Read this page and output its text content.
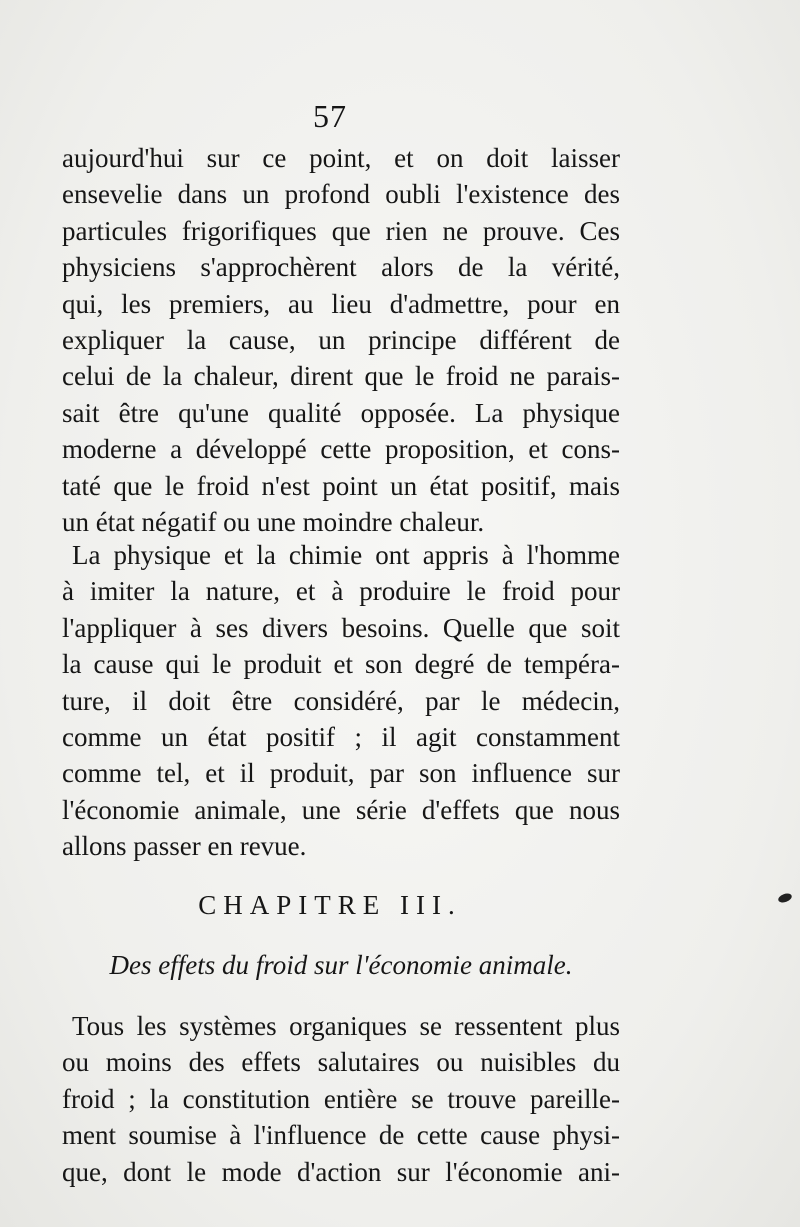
57
aujourd'hui sur ce point, et on doit laisser
ensevelie dans un profond oubli l'existence des
particules frigorifiques que rien ne prouve. Ces
physiciens s'approchèrent alors de la vérité,
qui, les premiers, au lieu d'admettre, pour en
expliquer la cause, un principe différent de
celui de la chaleur, dirent que le froid ne parais-
sait être qu'une qualité opposée. La physique
moderne a développé cette proposition, et cons-
taté que le froid n'est point un état positif, mais
un état négatif ou une moindre chaleur.
La physique et la chimie ont appris à l'homme
à imiter la nature, et à produire le froid pour
l'appliquer à ses divers besoins. Quelle que soit
la cause qui le produit et son degré de tempéra-
ture, il doit être considéré, par le médecin,
comme un état positif ; il agit constamment
comme tel, et il produit, par son influence sur
l'économie animale, une série d'effets que nous
allons passer en revue.
CHAPITRE III.
Des effets du froid sur l'économie animale.
Tous les systèmes organiques se ressentent plus
ou moins des effets salutaires ou nuisibles du
froid ; la constitution entière se trouve pareille-
ment soumise à l'influence de cette cause physi-
que, dont le mode d'action sur l'économie ani-
